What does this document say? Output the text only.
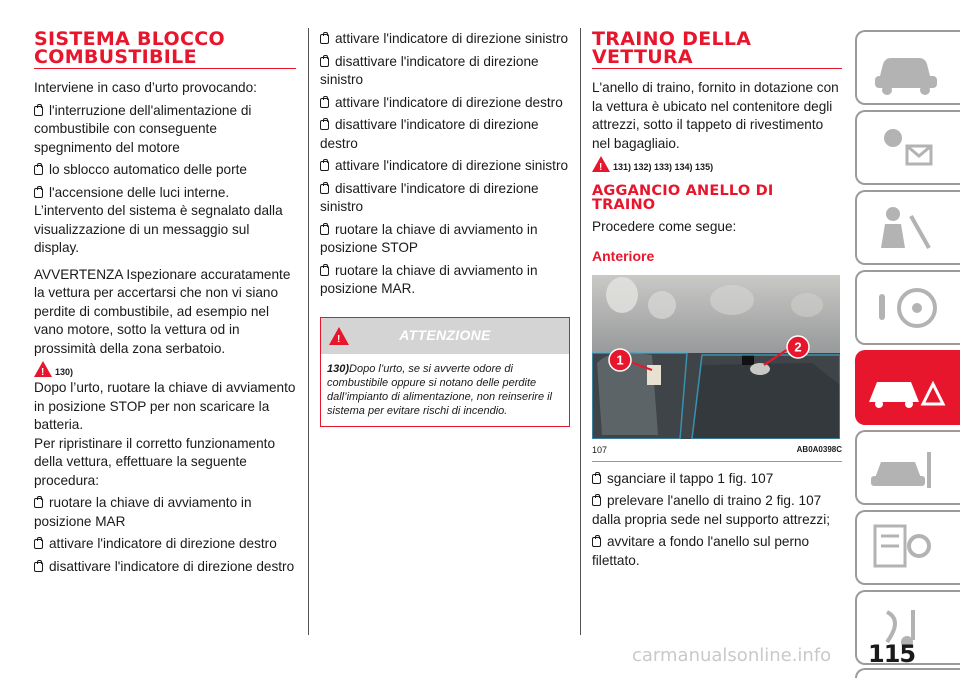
SISTEMA BLOCCO
COMBUSTIBILE

Interviene in caso d’urto provocando:

l'interruzione dell'alimentazione di combustibile con conseguente spegnimento del motore

lo sblocco automatico delle porte

l'accensione delle luci interne.

L’intervento del sistema è segnalato dalla visualizzazione di un messaggio sul display.

AVVERTENZA Ispezionare accuratamente la vettura per accertarsi che non vi siano perdite di combustibile, ad esempio nel vano motore, sotto la vettura od in prossimità della zona serbatoio.

! 130)

Dopo l’urto, ruotare la chiave di avviamento in posizione STOP per non scaricare la batteria.

Per ripristinare il corretto funzionamento della vettura, effettuare la seguente procedura:

ruotare la chiave di avviamento in posizione MAR

attivare l'indicatore di direzione destro

disattivare l'indicatore di direzione destro

attivare l'indicatore di direzione sinistro

disattivare l'indicatore di direzione sinistro

attivare l'indicatore di direzione destro

disattivare l'indicatore di direzione destro

attivare l'indicatore di direzione sinistro

disattivare l'indicatore di direzione sinistro

ruotare la chiave di avviamento in posizione STOP

ruotare la chiave di avviamento in posizione MAR.

!	ATTENZIONE
130)Dopo l’urto, se si avverte odore di combustibile oppure si notano delle perdite dall’impianto di alimentazione, non reinserire il sistema per evitare rischi di incendio.
TRAINO DELLA
VETTURA

L'anello di traino, fornito in dotazione con la vettura è ubicato nel contenitore degli attrezzi, sotto il tappeto di rivestimento nel bagagliaio.

! 131) 132) 133) 134) 135)
AGGANCIO ANELLO DI
TRAINO

Procedere come segue:

Anteriore
1
2
107	AB0A0398C

sganciare il tappo 1 fig. 107

prelevare l'anello di traino 2 fig. 107 dalla propria sede nel supporto attrezzi;

avvitare a fondo l'anello sul perno filettato.

carmanualsonline.info 115
